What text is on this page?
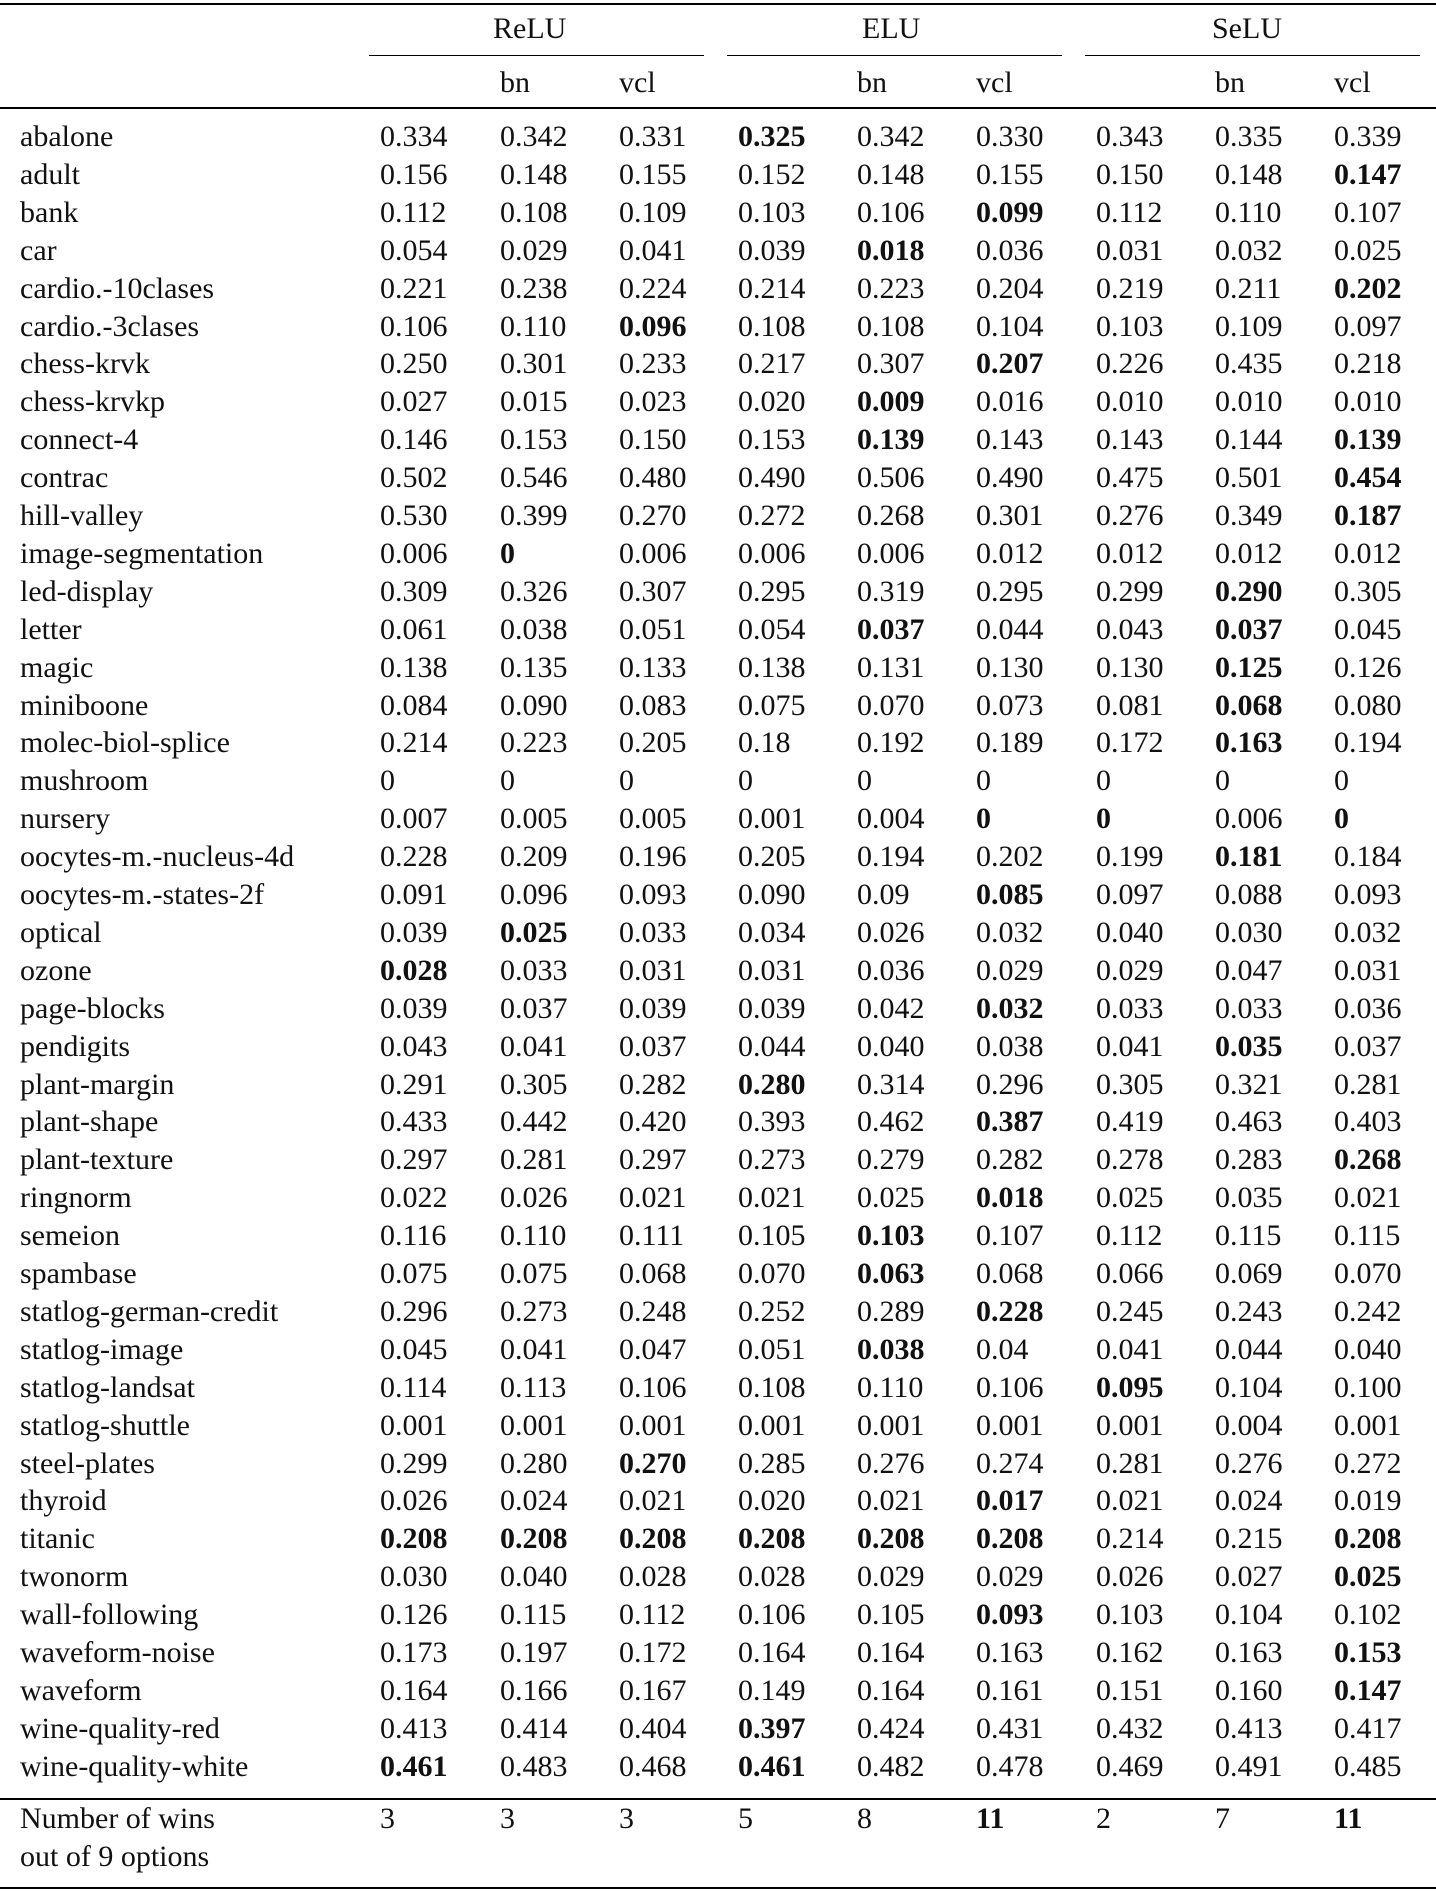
ReLU	ELU	SeLU
bn	vcl	bn	vcl	bn	vcl
abalone	0.334 0.342 0.331 0.325 0.342 0.330 0.343 0.335 0.339
adult	0.156 0.148 0.155 0.152 0.148 0.155 0.150 0.148 0.147
bank	0.112 0.108 0.109 0.103 0.106 0.099 0.112 0.110 0.107
car	0.054 0.029 0.041 0.039 0.018 0.036 0.031 0.032 0.025
cardio.-10clases	0.221 0.238 0.224 0.214 0.223 0.204 0.219 0.211 0.202
cardio.-3clases	0.106 0.110 0.096 0.108 0.108 0.104 0.103 0.109 0.097
chess-krvk	0.250 0.301 0.233 0.217 0.307 0.207 0.226 0.435 0.218
chess-krvkp	0.027 0.015 0.023 0.020 0.009 0.016 0.010 0.010 0.010
connect-4	0.146 0.153 0.150 0.153 0.139 0.143 0.143 0.144 0.139
contrac	0.502 0.546 0.480 0.490 0.506 0.490 0.475 0.501 0.454
hill-valley	0.530 0.399 0.270 0.272 0.268 0.301 0.276 0.349 0.187
image-segmentation	0.006 0	0.006 0.006 0.006 0.012 0.012 0.012 0.012
led-display	0.309 0.326 0.307 0.295 0.319 0.295 0.299 0.290 0.305
letter	0.061 0.038 0.051 0.054 0.037 0.044 0.043 0.037 0.045
magic	0.138 0.135 0.133 0.138 0.131 0.130 0.130 0.125 0.126
miniboone	0.084 0.090 0.083 0.075 0.070 0.073 0.081 0.068 0.080
molec-biol-splice	0.214 0.223 0.205 0.18 0.192 0.189 0.172 0.163 0.194
mushroom	0	0	0	0	0	0	0	0	0
nursery	0.007 0.005 0.005 0.001 0.004 0	0	0.006 0
oocytes-m.-nucleus-4d	0.228 0.209 0.196 0.205 0.194 0.202 0.199 0.181 0.184
oocytes-m.-states-2f	0.091 0.096 0.093 0.090 0.09 0.085 0.097 0.088 0.093
optical	0.039 0.025 0.033 0.034 0.026 0.032 0.040 0.030 0.032
ozone	0.028 0.033 0.031 0.031 0.036 0.029 0.029 0.047 0.031
page-blocks	0.039 0.037 0.039 0.039 0.042 0.032 0.033 0.033 0.036
pendigits	0.043 0.041 0.037 0.044 0.040 0.038 0.041 0.035 0.037
plant-margin	0.291 0.305 0.282 0.280 0.314 0.296 0.305 0.321 0.281
plant-shape	0.433 0.442 0.420 0.393 0.462 0.387 0.419 0.463 0.403
plant-texture	0.297 0.281 0.297 0.273 0.279 0.282 0.278 0.283 0.268
ringnorm	0.022 0.026 0.021 0.021 0.025 0.018 0.025 0.035 0.021
semeion	0.116 0.110 0.111 0.105 0.103 0.107 0.112 0.115 0.115
spambase	0.075 0.075 0.068 0.070 0.063 0.068 0.066 0.069 0.070
statlog-german-credit	0.296 0.273 0.248 0.252 0.289 0.228 0.245 0.243 0.242
statlog-image	0.045 0.041 0.047 0.051 0.038 0.04 0.041 0.044 0.040
statlog-landsat	0.114 0.113 0.106 0.108 0.110 0.106 0.095 0.104 0.100
statlog-shuttle	0.001 0.001 0.001 0.001 0.001 0.001 0.001 0.004 0.001
steel-plates	0.299 0.280 0.270 0.285 0.276 0.274 0.281 0.276 0.272
thyroid	0.026 0.024 0.021 0.020 0.021 0.017 0.021 0.024 0.019
titanic	0.208 0.208 0.208 0.208 0.208 0.208 0.214 0.215 0.208
twonorm	0.030 0.040 0.028 0.028 0.029 0.029 0.026 0.027 0.025
wall-following	0.126 0.115 0.112 0.106 0.105 0.093 0.103 0.104 0.102
waveform-noise	0.173 0.197 0.172 0.164 0.164 0.163 0.162 0.163 0.153
waveform	0.164 0.166 0.167 0.149 0.164 0.161 0.151 0.160 0.147
wine-quality-red	0.413 0.414 0.404 0.397 0.424 0.431 0.432 0.413 0.417
wine-quality-white	0.461 0.483 0.468 0.461 0.482 0.478 0.469 0.491 0.485
Number of wins
out of 9 options
3	3	3	5	8	11	2	7	11
